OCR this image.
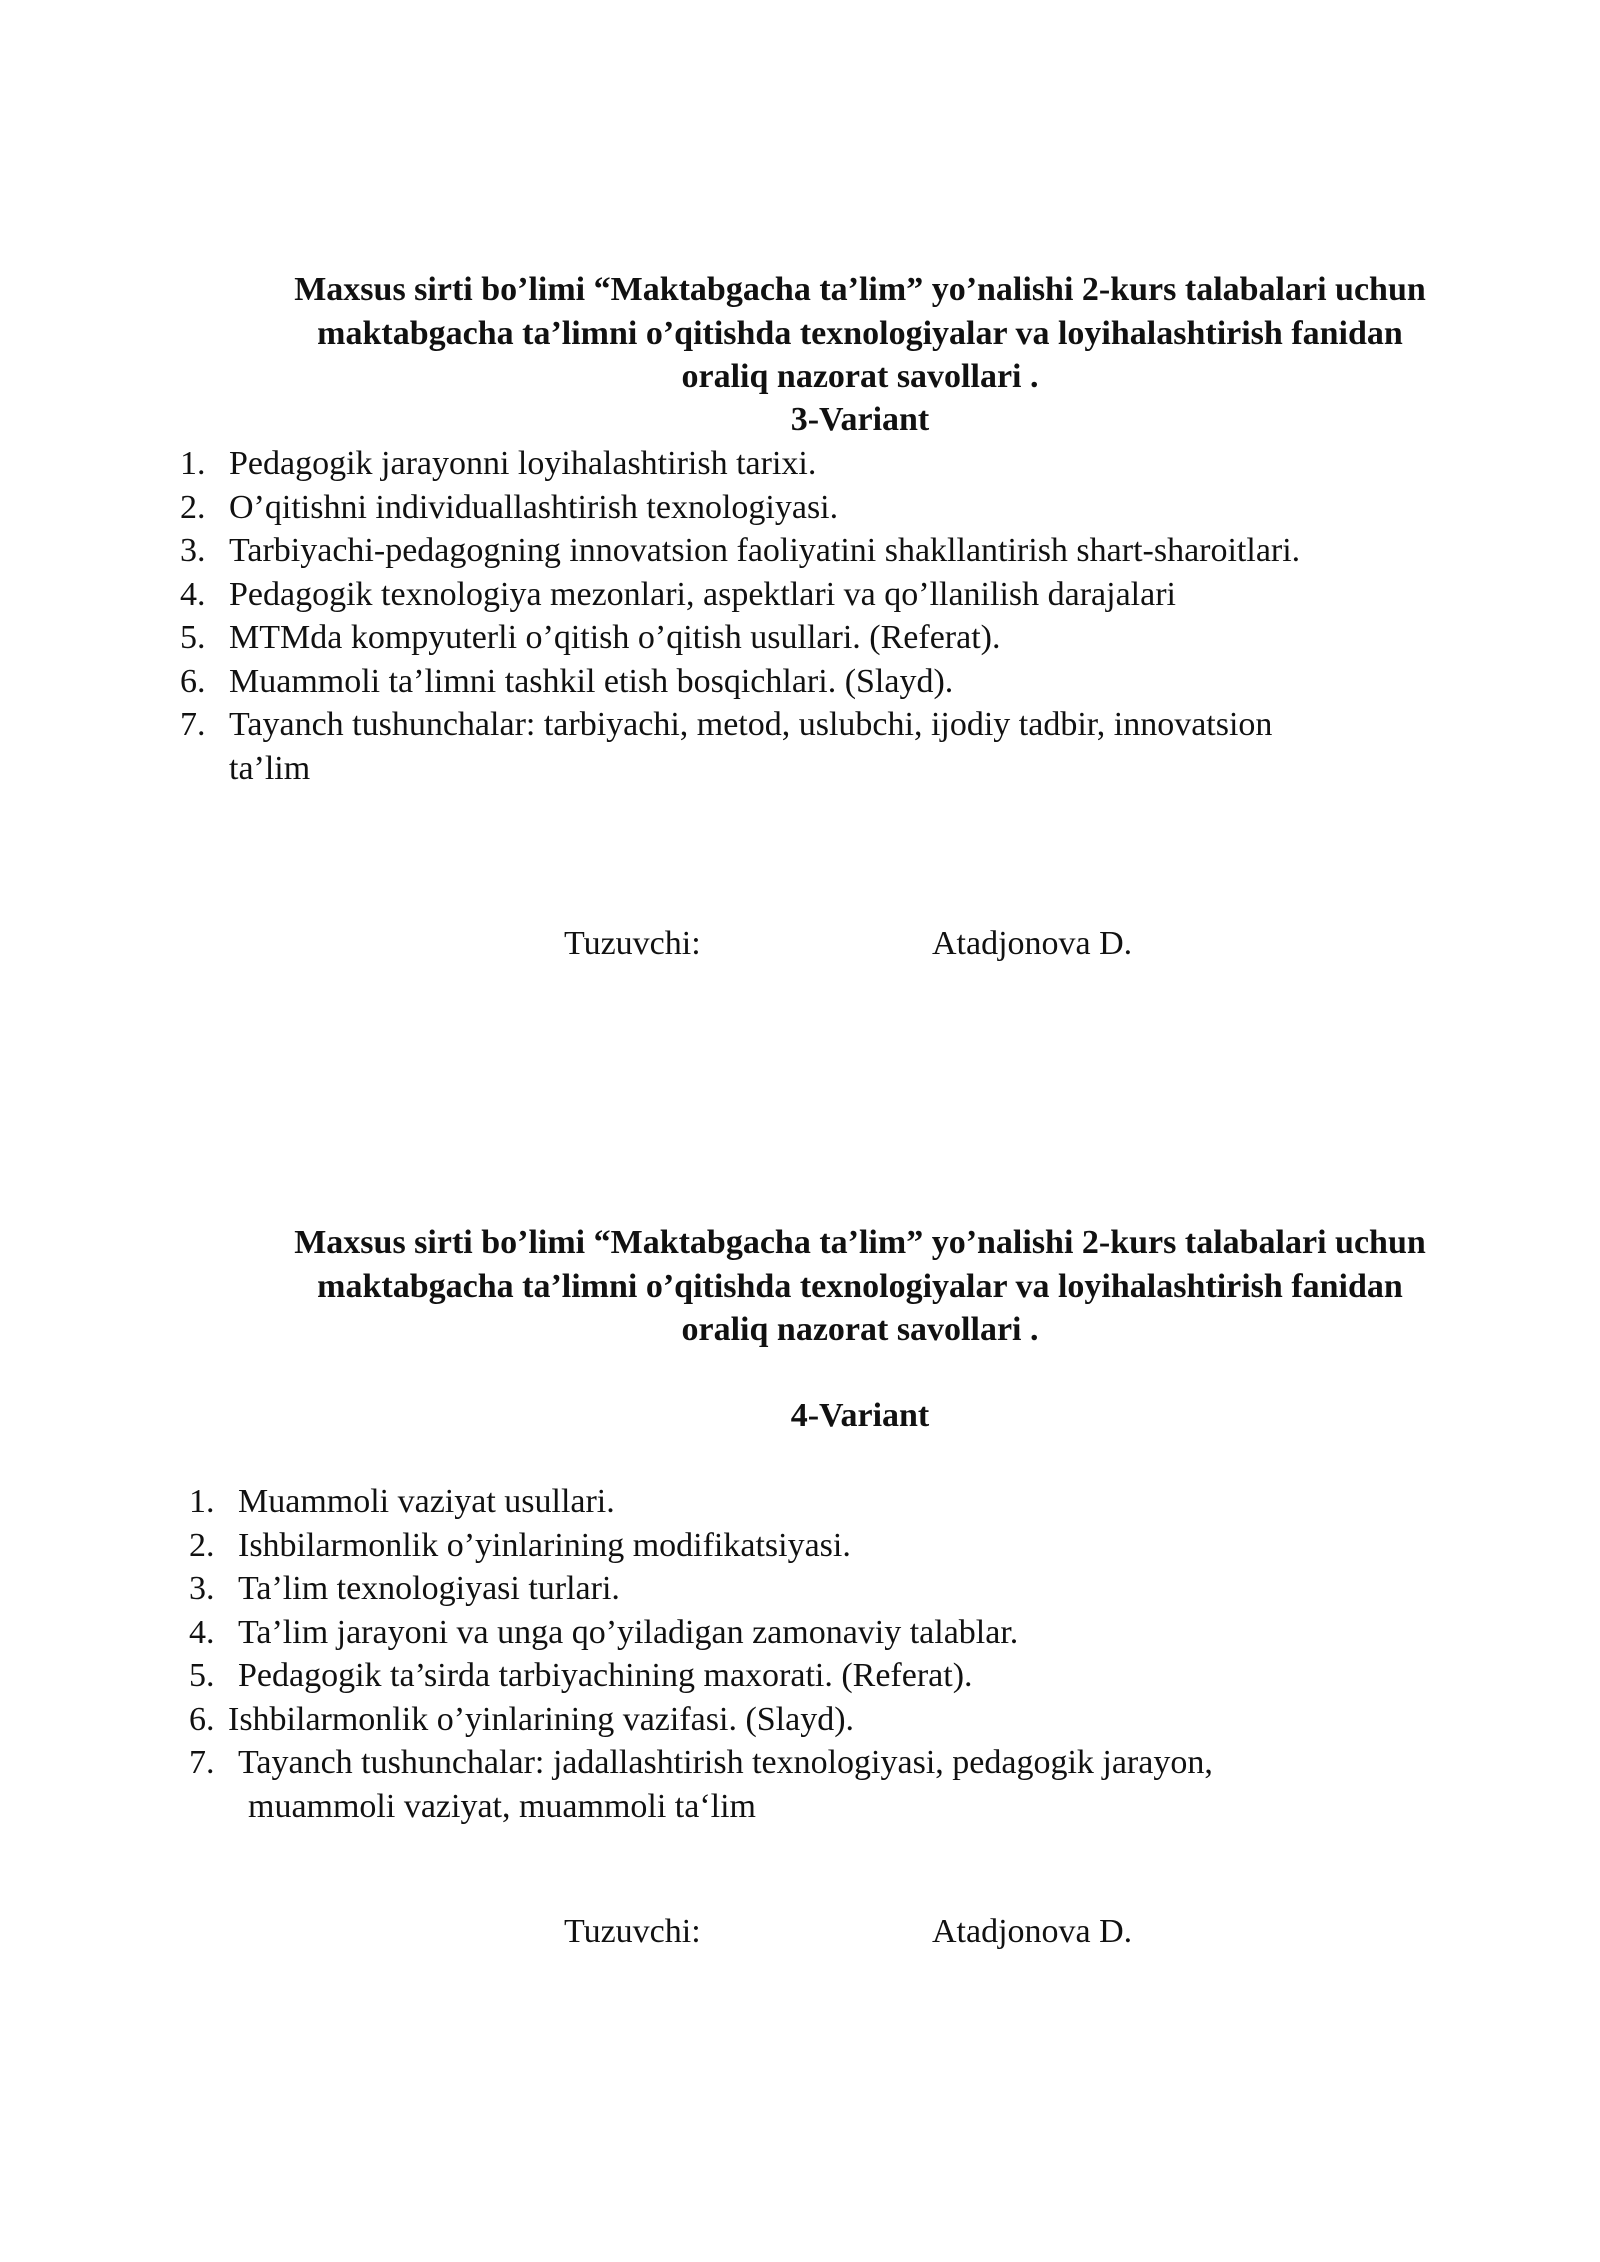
Maxsus sirti bo’limi “Maktabgacha ta’lim” yo’nalishi 2-kurs talabalari uchun
maktabgacha ta’limni o’qitishda texnologiyalar va loyihalashtirish fanidan
oraliq nazorat savollari .
3-Variant
1. Pedagogik jarayonni loyihalashtirish tarixi.
2. O’qitishni individuallashtirish texnologiyasi.
3. Tarbiyachi-pedagogning innovatsion faoliyatini shakllantirish shart-sharoitlari.
4. Pedagogik texnologiya mezonlari, aspektlari va qo’llanilish darajalari
5. MTMda kompyuterli o’qitish o’qitish usullari. (Referat).
6. Muammoli ta’limni tashkil etish bosqichlari. (Slayd).
7. Tayanch tushunchalar: tarbiyachi, metod, uslubchi, ijodiy tadbir, innovatsion
ta’lim
Tuzuvchi:	Atadjonova D.
Maxsus sirti bo’limi “Maktabgacha ta’lim” yo’nalishi 2-kurs talabalari uchun
maktabgacha ta’limni o’qitishda texnologiyalar va loyihalashtirish fanidan
oraliq nazorat savollari .
4-Variant
1. Muammoli vaziyat usullari.
2. Ishbilarmonlik o’yinlarining modifikatsiyasi.
3. Ta’lim texnologiyasi turlari.
4. Ta’lim jarayoni va unga qo’yiladigan zamonaviy talablar.
5. Pedagogik ta’sirda tarbiyachining maxorati. (Referat).
6. Ishbilarmonlik o’yinlarining vazifasi. (Slayd).
7. Tayanch tushunchalar: jadallashtirish texnologiyasi, pedagogik jarayon,
muammoli vaziyat, muammoli ta‘lim
Tuzuvchi:	Atadjonova D.
